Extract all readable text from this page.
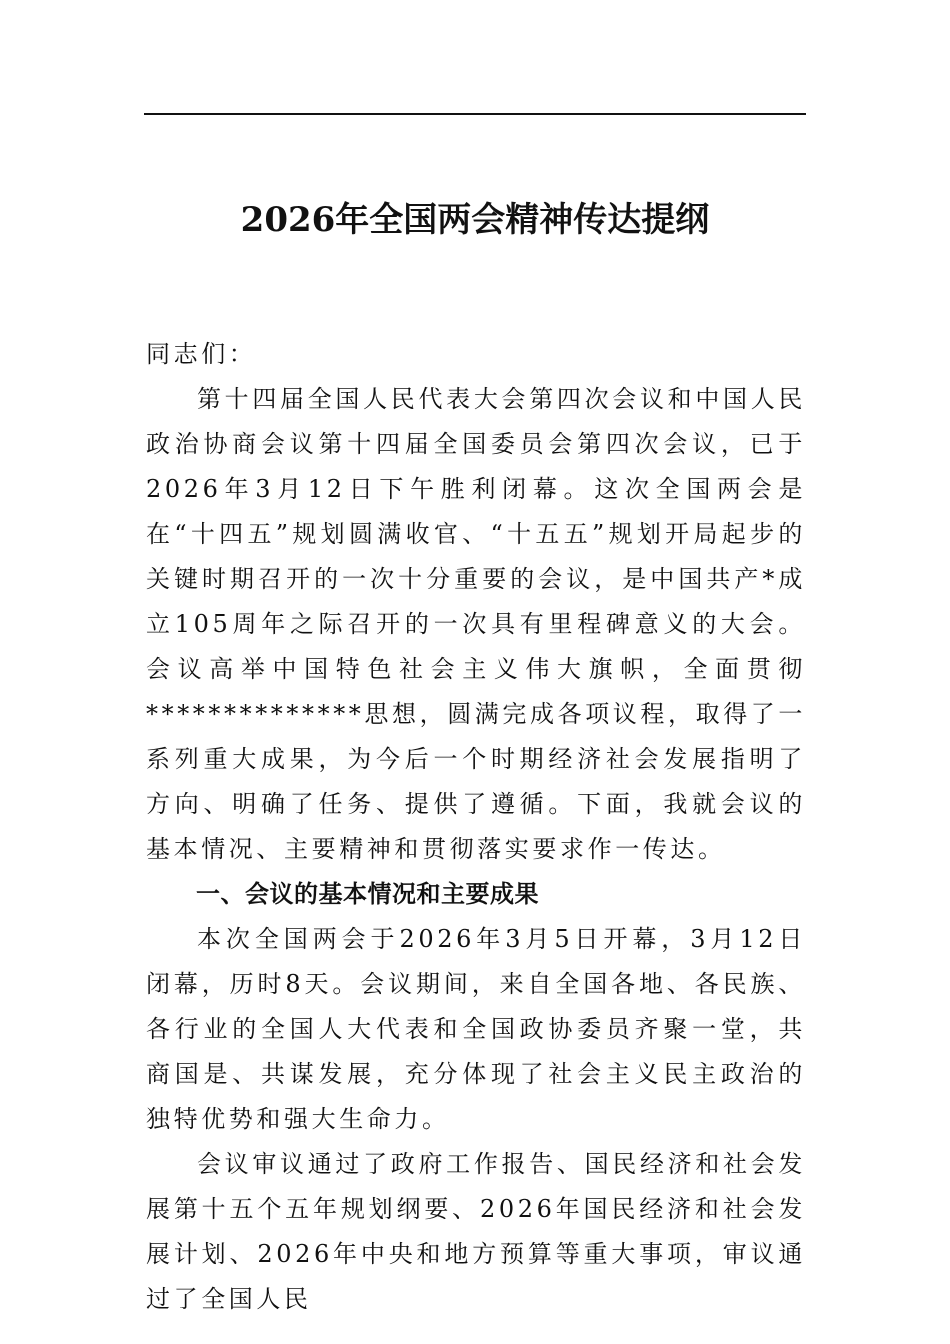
2026年全国两会精神传达提纲

同志们：

第十四届全国人民代表大会第四次会议和中国人民政治协商会议第十四届全国委员会第四次会议，已于2026年3月12日下午胜利闭幕。这次全国两会是在“十四五”规划圆满收官、“十五五”规划开局起步的关键时期召开的一次十分重要的会议，是中国共产*成立105周年之际召开的一次具有里程碑意义的大会。会议高举中国特色社会主义伟大旗帜，全面贯彻**************思想，圆满完成各项议程，取得了一系列重大成果，为今后一个时期经济社会发展指明了方向、明确了任务、提供了遵循。下面，我就会议的基本情况、主要精神和贯彻落实要求作一传达。

一、会议的基本情况和主要成果

本次全国两会于2026年3月5日开幕，3月12日闭幕，历时8天。会议期间，来自全国各地、各民族、各行业的全国人大代表和全国政协委员齐聚一堂，共商国是、共谋发展，充分体现了社会主义民主政治的独特优势和强大生命力。

会议审议通过了政府工作报告、国民经济和社会发展第十五个五年规划纲要、2026年国民经济和社会发展计划、2026年中央和地方预算等重大事项，审议通过了全国人民
